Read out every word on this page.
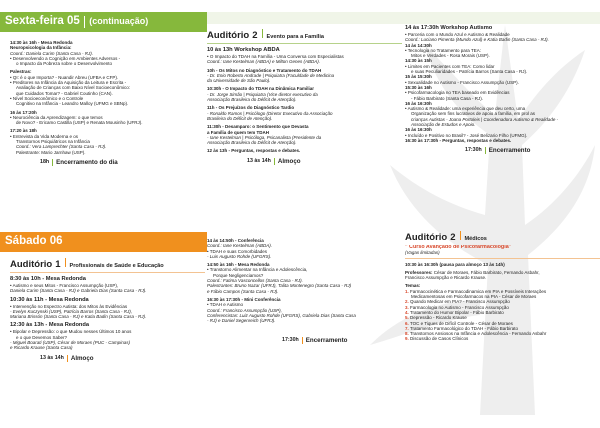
Sexta-feira 05 (continuação)
14:30 às 16h - Mesa Redonda
Neuropsicologia da Infância:
Coord.: Daniela Carim (Santa Casa - RJ).
• Desenvolvendo a Cognição em Ambientes Adversos -
o Impacto da Pobreza sobre o Desenvolvimento
Palestras:
• QI: é o que Importa? - Nuandir Abreu (UFBA e CFP).
• Preditores na Infância da Aquisição da Leitura e Escrita -
Avaliação de Crianças com Baixo Nível Socioeconômico:
que Cuidados Tomar? - Gabriel Coutinho (CAN).
• Nível Socioeconômico e o Controle
Cognitivo na Infância - Leandro Malloy (UFMG e SBNp).
16 às 17:20h
• Neurociência da Aprendizagem: o que temos
de Novo? - Ericamo Castilla (USP) e Renata Mousinho (UFRJ).
17:20 às 18h
• Entrevista da Vida Moderna e os
Transtornos Psiquiátricos na Infância
Coord.: Vera Lamprechter (Santa Casa - RJ).
Palestrante: Mario Jarnhaw (USP).
18h Encerramento do dia
Auditório 2 Evento para a Família
10 às 13h Workshop ABDA
• O Impacto do TDAH na Família - Uma Conversa com Especialistas
Coord.: Iane Kestelman (ABDA) e Milton Genes (ABDA).
10h - Os Mitos no Diagnóstico e Tratamento do TDAH
- Dr. Enio Roberto Andrade | Psiquiatra (Faculdade de Medicina
da Universidade de São Paulo).
10:30h - O Impacto do TDAH na Dinâmica Familiar
- Dr. Jorge Simão | Psiquiatra (Vice diretor executivo da
Associação Brasileira do Déficit de Atenção).
11h - Os Prejuízos do Diagnóstico Tardio
- Ronaldo Ramos | Psicólogo (Diretor Executivo da Associação
Brasileira do Déficit de Atenção).
11:30h - Desamparo: o Sentimento que Devasta
a Família de quem tem TDAH
- Iane Kestelman | Psicóloga, Psicanalista (Presidente da
Associação Brasileira do Déficit de Atenção).
12 às 13h - Perguntas, respostas e debates.
13 às 14h Almoço
14 às 17:30h Workshop Autismo
• Parceria com o Mundo Azul e Autismo & Realidade
Coord.: Luciano Pimenta (Mundo Azul) e Katia Badin (Santa Casa - RJ).
14 às 14:30h
• Tecnologia no Tratamento para TEA:
Mitos e Verdades - Rosa Morais (USP).
14:30 às 15h
• Limites em Pacientes com TEA: Como lidar
e suas Peculiaridades - Patrícia Barros (Santa Casa - RJ).
15 às 15:30h
• Sexualidade no Autismo - Francisco Assumpção (USP).
15:30 às 16h
• Psicofarmacologia no TEA baseado em Evidências
- Fábio Barbirato (Santa Casa - RJ).
16 às 16:30h
• Autismo & Realidade: uma experiência que deu certo, uma
Organização sem fins lucrativos de apoio a família, em prol as
crianças Autistas - Joana Portoleis | Coordenadora Autismo & Realidade -
Associação de Estudos e Apoio.
16 às 16:30h
• Incluído e Positivo no Brasil? - José Belizario Filho (UFMG).
16:30 às 17:30h - Perguntas, respostas e debates.
17:30h Encerramento
Sábado 06
Auditório 1 Profissionais de Saúde e Educação
8:30 às 10h - Mesa Redonda
• Autismo e seus Mitos - Francisco Assumpção (USP),
Daniela Carim (Santa Casa - RJ) e Gabriela Dias (Santa Casa - RJ).
10:30 às 11h - Mesa Redonda
• Intervenção no Espectro Autista: dos Mitos às Evidências
- Evelyn Kuczynski (USP), Patrícia Barros (Santa Casa - RJ),
Mariana Brissón (Santa Casa - RJ) e Katia Badin (Santa Casa - RJ).
12:30 às 13h - Mesa Redonda
• Bipolar e Depressão: o que Mudou nesses Últimos 10 anos
e o que Devemos Saber?
- Miguel Boarati (USP), César de Moraes (PUC - Campinas)
e Ricardo Krause (Santa Casa)
13 às 14h Almoço
14 às 14:50h - Conferência
Coord.: Iane Kestelman (ABDA).
• TDAH e suas Comorbidades
- Luis Augusto Rohde (UFGRS).
14:50 às 16h - Mesa Redonda
• Transtorno Alimentar na Infância e Adolescência,
Porque Negligenciamos?
Coord.: Fatima Vasconcellos (Santa Casa - RJ).
Palestrantes: Bruno Nazar (UFRJ), Talita Montenegro (Santa Casa - RJ)
e Fábio Campos (Santa Casa - RJ).
16:30 às 17:30h - Mini Conferência
• TDAH e Autismo
Coord.: Francisco Assumpção (USP),
Conferencistas: Luiz Augusto Rohde (UFGRS), Gabriela Dias (Santa Casa
- RJ) e Daniel Segenreich (UFRJ).
17:30h Encerramento
Auditório 2 Médicos
" Curso Avançado de Psicofarmacologia"
(Vagas limitadas)
10:30 às 16:30h (pausa para almoço 13 às 14h)
Professores: César de Moraes, Fábio Barbirato, Fernando Asbahr,
Francisco Assumpção e Ricardo Krause.
Temas:
1. Farmacocinética e Farmacodinamica em PIA e Possíveis Interações
Medicamentosas em Psicofarmacos na PIA - César de Moraes
2. Quando Medicar em PIA? - Francisco Assumpção
3. Farmacologia no Autismo - Francisco Assumpção
4. Tratamento do Humor Bipolar - Fábio Barbirato
5. Depressão - Ricardo Krause
6. TOC e Tiques de Difícil Controle - César de Moraes
7. Tratamento Farmacológico do TDAH - Fábio Barbirato
8. Transtornos Ansiosos na Infância e Adolescência - Fernando Asbahr
9. Discussão de Casos Clínicos
